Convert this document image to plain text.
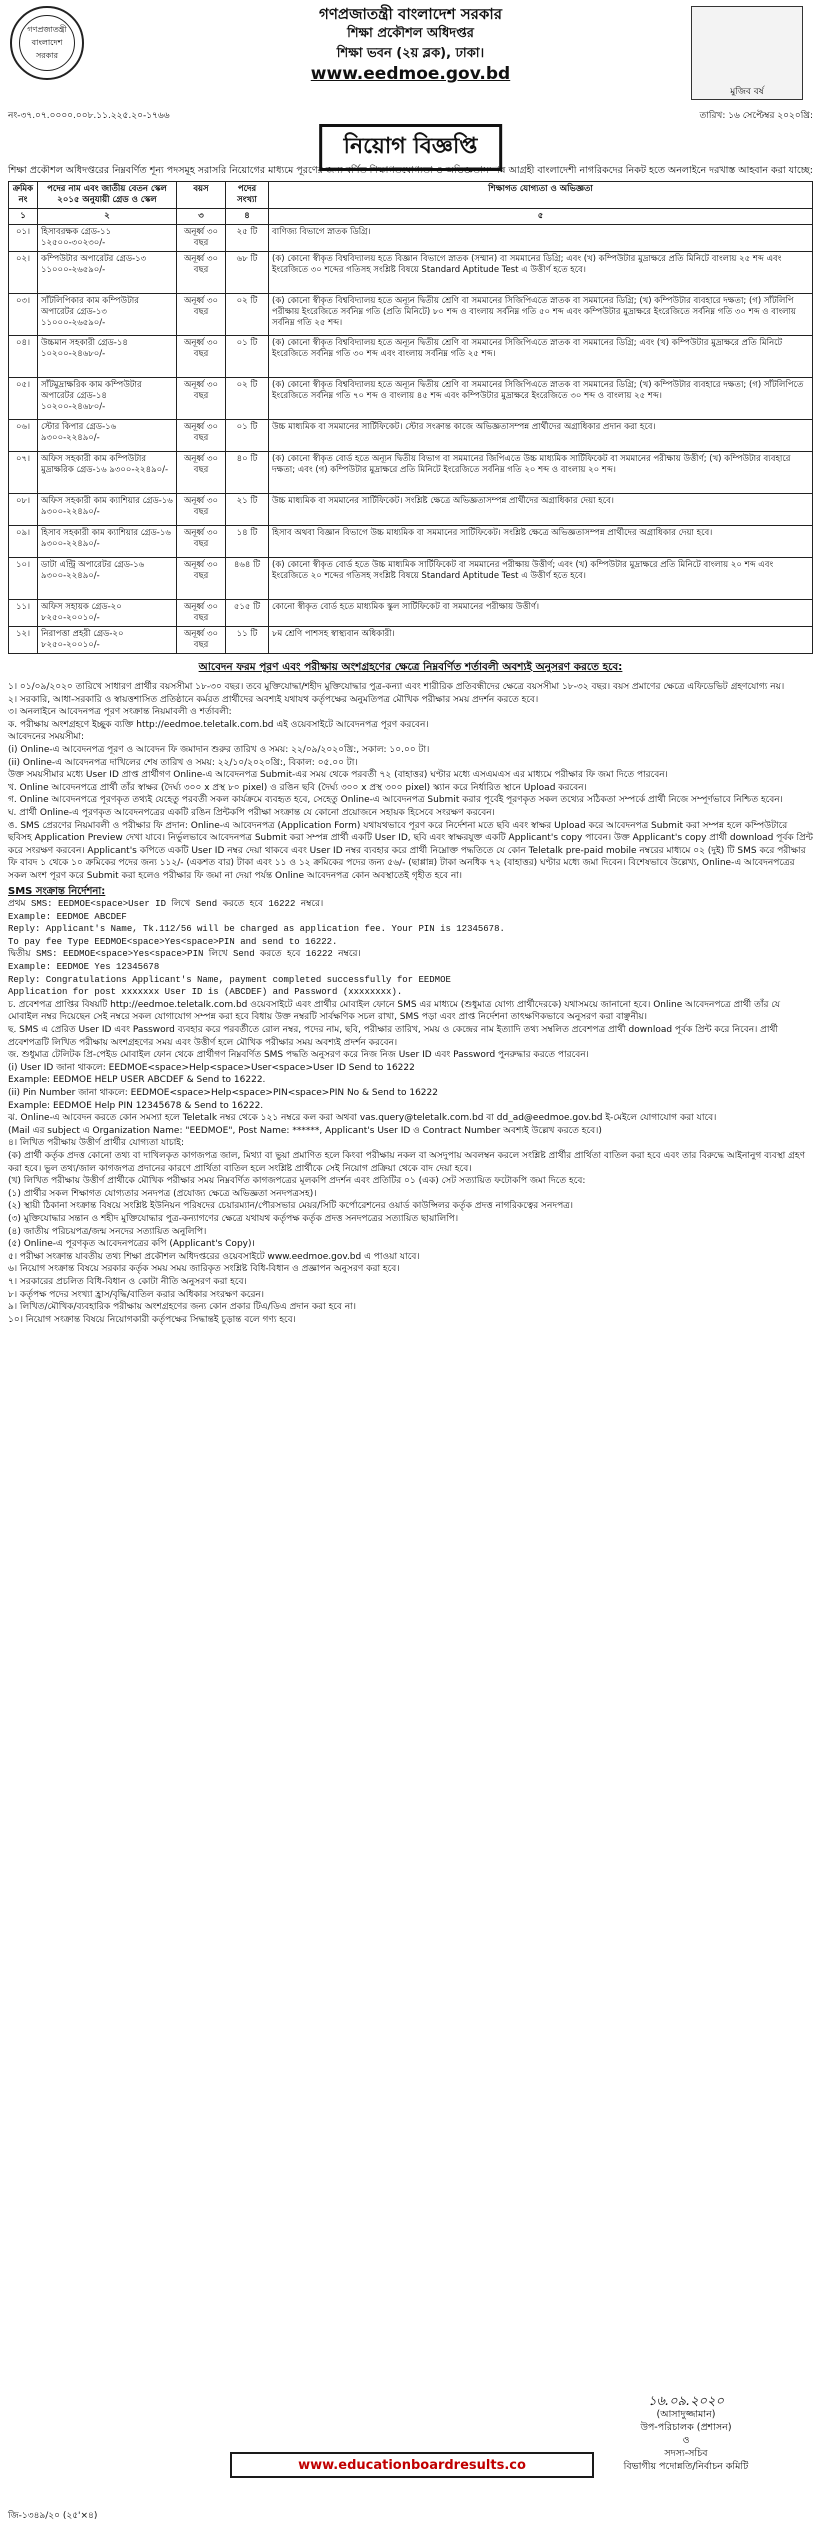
গণপ্রজাতন্ত্রী বাংলাদেশ সরকার
মুজিব বর্ষ
গণপ্রজাতন্ত্রী বাংলাদেশ সরকার
শিক্ষা প্রকৌশল অধিদপ্তর
শিক্ষা ভবন (২য় ব্লক), ঢাকা।
www.eedmoe.gov.bd
নং-৩৭.০৭.০০০০.০০৮.১১.২২৫.২০-১৭৬৬	তারিখ: ১৬ সেপ্টেম্বর ২০২০খ্রি:
নিয়োগ বিজ্ঞপ্তি

শিক্ষা প্রকৌশল অধিদপ্তরের নিম্নবর্ণিত শূন্য পদসমূহ সরাসরি নিয়োগের মাধ্যমে পূরণের জন্য বর্ণিত শিক্ষাগতযোগ্যতা ও অভিজ্ঞতাসম্পন্ন আগ্রহী বাংলাদেশী নাগরিকদের নিকট হতে অনলাইনে দরখাস্ত আহবান করা যাচ্ছে:

ক্রমিক নং	পদের নাম এবং জাতীয় বেতন স্কেল ২০১৫ অনুযায়ী গ্রেড ও স্কেল	বয়স	পদের সংখ্যা	শিক্ষাগত যোগ্যতা ও অভিজ্ঞতা
১	২	৩	৪	৫
০১।	হিসাবরক্ষক গ্রেড-১১ ১২৫০০-৩০২৩০/-	অনূর্ধ্ব ৩০ বছর	২৫ টি	বাণিজ্য বিভাগে স্নাতক ডিগ্রি।
০২।	কম্পিউটার অপারেটর গ্রেড-১৩ ১১০০০-২৬৫৯০/-	অনূর্ধ্ব ৩০ বছর	৬৮ টি	(ক) কোনো স্বীকৃত বিশ্ববিদ্যালয় হতে বিজ্ঞান বিভাগে স্নাতক (সম্মান) বা সমমানের ডিগ্রি; এবং (খ) কম্পিউটার মুদ্রাক্ষরে প্রতি মিনিটে বাংলায় ২৫ শব্দ এবং ইংরেজিতে ৩০ শব্দের গতিসহ সংশ্লিষ্ট বিষয়ে Standard Aptitude Test এ উত্তীর্ণ হতে হবে।
০৩।	সাঁটলিপিকার কাম কম্পিউটার অপারেটর গ্রেড-১৩ ১১০০০-২৬৫৯০/-	অনূর্ধ্ব ৩০ বছর	০২ টি	(ক) কোনো স্বীকৃত বিশ্ববিদ্যালয় হতে অন্যূন দ্বিতীয় শ্রেণি বা সমমানের সিজিপিএতে স্নাতক বা সমমানের ডিগ্রি; (খ) কম্পিউটার ব্যবহারে দক্ষতা; (গ) সাঁটলিপি পরীক্ষায় ইংরেজিতে সর্বনিম্ন গতি (প্রতি মিনিটে) ৮০ শব্দ ও বাংলায় সর্বনিম্ন গতি ৫০ শব্দ এবং কম্পিউটার মুদ্রাক্ষরে ইংরেজিতে সর্বনিম্ন গতি ৩০ শব্দ ও বাংলায় সর্বনিম্ন গতি ২৫ শব্দ।
০৪।	উচ্চমান সহকারী গ্রেড-১৪ ১০২০০-২৪৬৮০/-	অনূর্ধ্ব ৩০ বছর	০১ টি	(ক) কোনো স্বীকৃত বিশ্ববিদ্যালয় হতে অন্যূন দ্বিতীয় শ্রেণি বা সমমানের সিজিপিএতে স্নাতক বা সমমানের ডিগ্রি; এবং (খ) কম্পিউটার মুদ্রাক্ষরে প্রতি মিনিটে ইংরেজিতে সর্বনিম্ন গতি ৩০ শব্দ এবং বাংলায় সর্বনিম্ন গতি ২৫ শব্দ।
০৫।	সাঁটমুদ্রাক্ষরিক কাম কম্পিউটার অপারেটর গ্রেড-১৪ ১০২০০-২৪৬৮০/-	অনূর্ধ্ব ৩০ বছর	০২ টি	(ক) কোনো স্বীকৃত বিশ্ববিদ্যালয় হতে অন্যূন দ্বিতীয় শ্রেণি বা সমমানের সিজিপিএতে স্নাতক বা সমমানের ডিগ্রি; (খ) কম্পিউটার ব্যবহারে দক্ষতা; (গ) সাঁটলিপিতে ইংরেজিতে সর্বনিম্ন গতি ৭০ শব্দ ও বাংলায় ৪৫ শব্দ এবং কম্পিউটার মুদ্রাক্ষরে ইংরেজিতে ৩০ শব্দ ও বাংলায় ২৫ শব্দ।
০৬।	স্টোর কিপার গ্রেড-১৬ ৯৩০০-২২৪৯০/-	অনূর্ধ্ব ৩০ বছর	০১ টি	উচ্চ মাধ্যমিক বা সমমানের সার্টিফিকেট। স্টোর সংক্রান্ত কাজে অভিজ্ঞতাসম্পন্ন প্রার্থীদের অগ্রাধিকার প্রদান করা হবে।
০৭।	অফিস সহকারী কাম কম্পিউটার মুদ্রাক্ষরিক গ্রেড-১৬ ৯৩০০-২২৪৯০/-	অনূর্ধ্ব ৩০ বছর	৪০ টি	(ক) কোনো স্বীকৃত বোর্ড হতে অন্যূন দ্বিতীয় বিভাগ বা সমমানের জিপিএতে উচ্চ মাধ্যমিক সার্টিফিকেট বা সমমানের পরীক্ষায় উত্তীর্ণ; (খ) কম্পিউটার ব্যবহারে দক্ষতা; এবং (গ) কম্পিউটার মুদ্রাক্ষরে প্রতি মিনিটে ইংরেজিতে সর্বনিম্ন গতি ২০ শব্দ ও বাংলায় ২০ শব্দ।
০৮।	অফিস সহকারী কাম ক্যাশিয়ার গ্রেড-১৬ ৯৩০০-২২৪৯০/-	অনূর্ধ্ব ৩০ বছর	২১ টি	উচ্চ মাধ্যমিক বা সমমানের সার্টিফিকেট। সংশ্লিষ্ট ক্ষেত্রে অভিজ্ঞতাসম্পন্ন প্রার্থীদের অগ্রাধিকার দেয়া হবে।
০৯।	হিসাব সহকারী কাম ক্যাশিয়ার গ্রেড-১৬ ৯৩০০-২২৪৯০/-	অনূর্ধ্ব ৩০ বছর	১৪ টি	হিসাব অথবা বিজ্ঞান বিভাগে উচ্চ মাধ্যমিক বা সমমানের সার্টিফিকেট। সংশ্লিষ্ট ক্ষেত্রে অভিজ্ঞতাসম্পন্ন প্রার্থীদের অগ্রাধিকার দেয়া হবে।
১০।	ডাটা এন্ট্রি অপারেটর গ্রেড-১৬ ৯৩০০-২২৪৯০/-	অনূর্ধ্ব ৩০ বছর	৪৬৪ টি	(ক) কোনো স্বীকৃত বোর্ড হতে উচ্চ মাধ্যমিক সার্টিফিকেট বা সমমানের পরীক্ষায় উত্তীর্ণ; এবং (খ) কম্পিউটার মুদ্রাক্ষরে প্রতি মিনিটে বাংলায় ২০ শব্দ এবং ইংরেজিতে ২০ শব্দের গতিসহ সংশ্লিষ্ট বিষয়ে Standard Aptitude Test এ উত্তীর্ণ হতে হবে।
১১।	অফিস সহায়ক গ্রেড-২০ ৮২৫০-২০০১০/-	অনূর্ধ্ব ৩০ বছর	৫১৫ টি	কোনো স্বীকৃত বোর্ড হতে মাধ্যমিক স্কুল সার্টিফিকেট বা সমমানের পরীক্ষায় উত্তীর্ণ।
১২।	নিরাপত্তা প্রহরী গ্রেড-২০ ৮২৫০-২০০১০/-	অনূর্ধ্ব ৩০ বছর	১১ টি	৮ম শ্রেণি পাশসহ স্বাস্থ্যবান অধিকারী।
আবেদন ফরম পূরণ এবং পরীক্ষায় অংশগ্রহণের ক্ষেত্রে নিম্নবর্ণিত শর্তাবলী অবশ্যই অনুসরণ করতে হবে:

১। ০১/০৯/২০২০ তারিখে সাধারণ প্রার্থীর বয়সসীমা ১৮-৩০ বছর। তবে মুক্তিযোদ্ধা/শহীদ মুক্তিযোদ্ধার পুত্র-কন্যা এবং শারীরিক প্রতিবন্ধীদের ক্ষেত্রে বয়সসীমা ১৮-৩২ বছর। বয়স প্রমাণের ক্ষেত্রে এফিডেভিট গ্রহণযোগ্য নয়।

২। সরকারি, আধা-সরকারি ও স্বায়ত্তশাসিত প্রতিষ্ঠানে কর্মরত প্রার্থীদের অবশ্যই যথাযথ কর্তৃপক্ষের অনুমতিপত্র মৌখিক পরীক্ষার সময় প্রদর্শন করতে হবে।

৩। অনলাইনে আবেদনপত্র পূরণ সংক্রান্ত নিয়মাবলী ও শর্তাবলী:

ক. পরীক্ষায় অংশগ্রহণে ইচ্ছুক ব্যক্তি http://eedmoe.teletalk.com.bd এই ওয়েবসাইটে আবেদনপত্র পূরণ করবেন।

আবেদনের সময়সীমা:

(i) Online-এ আবেদনপত্র পূরণ ও আবেদন ফি জমাদান শুরুর তারিখ ও সময়: ২২/০৯/২০২০খ্রি:, সকাল: ১০.০০ টা।

(ii) Online-এ আবেদনপত্র দাখিলের শেষ তারিখ ও সময়: ২২/১০/২০২০খ্রি:, বিকাল: ০৫.০০ টা।

উক্ত সময়সীমার মধ্যে User ID প্রাপ্ত প্রার্থীগণ Online-এ আবেদনপত্র Submit-এর সময় থেকে পরবর্তী ৭২ (বাহাত্তর) ঘণ্টার মধ্যে এসএমএস এর মাধ্যমে পরীক্ষার ফি জমা দিতে পারবেন।

খ. Online আবেদনপত্রে প্রার্থী তাঁর স্বাক্ষর (দৈর্ঘ্য ৩০০ x প্রস্থ ৮০ pixel) ও রঙিন ছবি (দৈর্ঘ্য ৩০০ x প্রস্থ ৩০০ pixel) স্ক্যান করে নির্ধারিত স্থানে Upload করবেন।

গ. Online আবেদনপত্রে পূরণকৃত তথ্যই যেহেতু পরবর্তী সকল কার্যক্রমে ব্যবহৃত হবে, সেহেতু Online-এ আবেদনপত্র Submit করার পূর্বেই পূরণকৃত সকল তথ্যের সঠিকতা সম্পর্কে প্রার্থী নিজে সম্পূর্ণভাবে নিশ্চিত হবেন।

ঘ. প্রার্থী Online-এ পূরণকৃত আবেদনপত্রের একটি রঙিন প্রিন্টকপি পরীক্ষা সংক্রান্ত যে কোনো প্রয়োজনে সহায়ক হিসেবে সংরক্ষণ করবেন।

ঙ. SMS প্রেরণের নিয়মাবলী ও পরীক্ষার ফি প্রদান: Online-এ আবেদনপত্র (Application Form) যথাযথভাবে পূরণ করে নির্দেশনা মতে ছবি এবং স্বাক্ষর Upload করে আবেদনপত্র Submit করা সম্পন্ন হলে কম্পিউটারে ছবিসহ Application Preview দেখা যাবে। নির্ভুলভাবে আবেদনপত্র Submit করা সম্পন্ন প্রার্থী একটি User ID, ছবি এবং স্বাক্ষরযুক্ত একটি Applicant's copy পাবেন। উক্ত Applicant's copy প্রার্থী download পূর্বক প্রিন্ট করে সংরক্ষণ করবেন। Applicant's কপিতে একটি User ID নম্বর দেয়া থাকবে এবং User ID নম্বর ব্যবহার করে প্রার্থী নিম্নোক্ত পদ্ধতিতে যে কোন Teletalk pre-paid mobile নম্বরের মাধ্যমে ০২ (দুই) টি SMS করে পরীক্ষার ফি বাবদ ১ থেকে ১০ ক্রমিকের পদের জন্য ১১২/- (একশত বার) টাকা এবং ১১ ও ১২ ক্রমিকের পদের জন্য ৫৬/- (ছাপ্পান্ন) টাকা অনধিক ৭২ (বাহাত্তর) ঘণ্টার মধ্যে জমা দিবেন। বিশেষভাবে উল্লেখ্য, Online-এ আবেদনপত্রের সকল অংশ পূরণ করে Submit করা হলেও পরীক্ষার ফি জমা না দেয়া পর্যন্ত Online আবেদনপত্র কোন অবস্থাতেই গৃহীত হবে না।

SMS সংক্রান্ত নির্দেশনা:
প্রথম SMS: EEDMOE<space>User ID লিখে Send করতে হবে 16222 নম্বরে।
Example: EEDMOE ABCDEF
Reply: Applicant's Name, Tk.112/56 will be charged as application fee. Your PIN is 12345678.
To pay fee Type EEDMOE<space>Yes<space>PIN and send to 16222.
দ্বিতীয় SMS: EEDMOE<space>Yes<space>PIN লিখে Send করতে হবে 16222 নম্বরে।
Example: EEDMOE Yes 12345678
Reply: Congratulations Applicant's Name, payment completed successfully for EEDMOE
Application for post xxxxxxx User ID is (ABCDEF) and Password (xxxxxxxx).

চ. প্রবেশপত্র প্রাপ্তির বিষয়টি http://eedmoe.teletalk.com.bd ওয়েবসাইটে এবং প্রার্থীর মোবাইল ফোনে SMS এর মাধ্যমে (শুধুমাত্র যোগ্য প্রার্থীদেরকে) যথাসময়ে জানানো হবে। Online আবেদনপত্রে প্রার্থী তাঁর যে মোবাইল নম্বর দিয়েছেন সেই নম্বরে সকল যোগাযোগ সম্পন্ন করা হবে বিধায় উক্ত নম্বরটি সার্বক্ষণিক সচল রাখা, SMS পড়া এবং প্রাপ্ত নির্দেশনা তাৎক্ষণিকভাবে অনুসরণ করা বাঞ্ছনীয়।

ছ. SMS এ প্রেরিত User ID এবং Password ব্যবহার করে পরবর্তীতে রোল নম্বর, পদের নাম, ছবি, পরীক্ষার তারিখ, সময় ও কেন্দ্রের নাম ইত্যাদি তথ্য সম্বলিত প্রবেশপত্র প্রার্থী download পূর্বক প্রিন্ট করে নিবেন। প্রার্থী প্রবেশপত্রটি লিখিত পরীক্ষায় অংশগ্রহণের সময় এবং উত্তীর্ণ হলে মৌখিক পরীক্ষার সময় অবশ্যই প্রদর্শন করবেন।

জ. শুধুমাত্র টেলিটক প্রি-পেইড মোবাইল ফোন থেকে প্রার্থীগণ নিম্নবর্ণিত SMS পদ্ধতি অনুসরণ করে নিজ নিজ User ID এবং Password পুনরুদ্ধার করতে পারবেন।

(i) User ID জানা থাকলে: EEDMOE<space>Help<space>User<space>User ID Send to 16222

Example: EEDMOE HELP USER ABCDEF & Send to 16222.

(ii) Pin Number জানা থাকলে: EEDMOE<space>Help<space>PIN<space>PIN No & Send to 16222

Example: EEDMOE Help PIN 12345678 & Send to 16222.

ঝ. Online-এ আবেদন করতে কোন সমস্যা হলে Teletalk নম্বর থেকে ১২১ নম্বরে কল করা অথবা vas.query@teletalk.com.bd বা dd_ad@eedmoe.gov.bd ই-মেইলে যোগাযোগ করা যাবে।

(Mail এর subject এ Organization Name: "EEDMOE", Post Name: ******, Applicant's User ID ও Contract Number অবশ্যই উল্লেখ করতে হবে।)

৪। লিখিত পরীক্ষায় উত্তীর্ণ প্রার্থীর যোগ্যতা যাচাই:

(ক) প্রার্থী কর্তৃক প্রদত্ত কোনো তথ্য বা দাখিলকৃত কাগজপত্র জাল, মিথ্যা বা ভুয়া প্রমাণিত হলে কিংবা পরীক্ষায় নকল বা অসদুপায় অবলম্বন করলে সংশ্লিষ্ট প্রার্থীর প্রার্থিতা বাতিল করা হবে এবং তার বিরুদ্ধে আইনানুগ ব্যবস্থা গ্রহণ করা হবে। ভুল তথ্য/জাল কাগজপত্র প্রদানের কারণে প্রার্থিতা বাতিল হলে সংশ্লিষ্ট প্রার্থীকে সেই নিয়োগ প্রক্রিয়া থেকে বাদ দেয়া হবে।

(খ) লিখিত পরীক্ষায় উত্তীর্ণ প্রার্থীকে মৌখিক পরীক্ষার সময় নিম্নবর্ণিত কাগজপত্রের মূলকপি প্রদর্শন এবং প্রতিটির ০১ (এক) সেট সত্যায়িত ফটোকপি জমা দিতে হবে:

(১) প্রার্থীর সকল শিক্ষাগত যোগ্যতার সনদপত্র (প্রযোজ্য ক্ষেত্রে অভিজ্ঞতা সনদপত্রসহ)।

(২) স্থায়ী ঠিকানা সংক্রান্ত বিষয়ে সংশ্লিষ্ট ইউনিয়ন পরিষদের চেয়ারম্যান/পৌরসভার মেয়র/সিটি কর্পোরেশনের ওয়ার্ড কাউন্সিলর কর্তৃক প্রদত্ত নাগরিকত্বের সনদপত্র।

(৩) মুক্তিযোদ্ধার সন্তান ও শহীদ মুক্তিযোদ্ধার পুত্র-কন্যাগণের ক্ষেত্রে যথাযথ কর্তৃপক্ষ কর্তৃক প্রদত্ত সনদপত্রের সত্যায়িত ছায়ালিপি।

(৪) জাতীয় পরিচয়পত্র/জন্ম সনদের সত্যায়িত অনুলিপি।

(৫) Online-এ পূরণকৃত আবেদনপত্রের কপি (Applicant's Copy)।

৫। পরীক্ষা সংক্রান্ত যাবতীয় তথ্য শিক্ষা প্রকৌশল অধিদপ্তরের ওয়েবসাইটে www.eedmoe.gov.bd এ পাওয়া যাবে।

৬। নিয়োগ সংক্রান্ত বিষয়ে সরকার কর্তৃক সময় সময় জারিকৃত সংশ্লিষ্ট বিধি-বিধান ও প্রজ্ঞাপন অনুসরণ করা হবে।

৭। সরকারের প্রচলিত বিধি-বিধান ও কোটা নীতি অনুসরণ করা হবে।

৮। কর্তৃপক্ষ পদের সংখ্যা হ্রাস/বৃদ্ধি/বাতিল করার অধিকার সংরক্ষণ করেন।

৯। লিখিত/মৌখিক/ব্যবহারিক পরীক্ষায় অংশগ্রহণের জন্য কোন প্রকার টিএ/ডিএ প্রদান করা হবে না।

১০। নিয়োগ সংক্রান্ত বিষয়ে নিয়োগকারী কর্তৃপক্ষের সিদ্ধান্তই চূড়ান্ত বলে গণ্য হবে।

১৬.০৯.২০২০
(আসাদুজ্জামান)
উপ-পরিচালক (প্রশাসন)
ও
সদস্য-সচিব
বিভাগীয় পদোন্নতি/নির্বাচন কমিটি
www.educationboardresults.co
জি-১৩৪৯/২০ (২৫'×৪)
